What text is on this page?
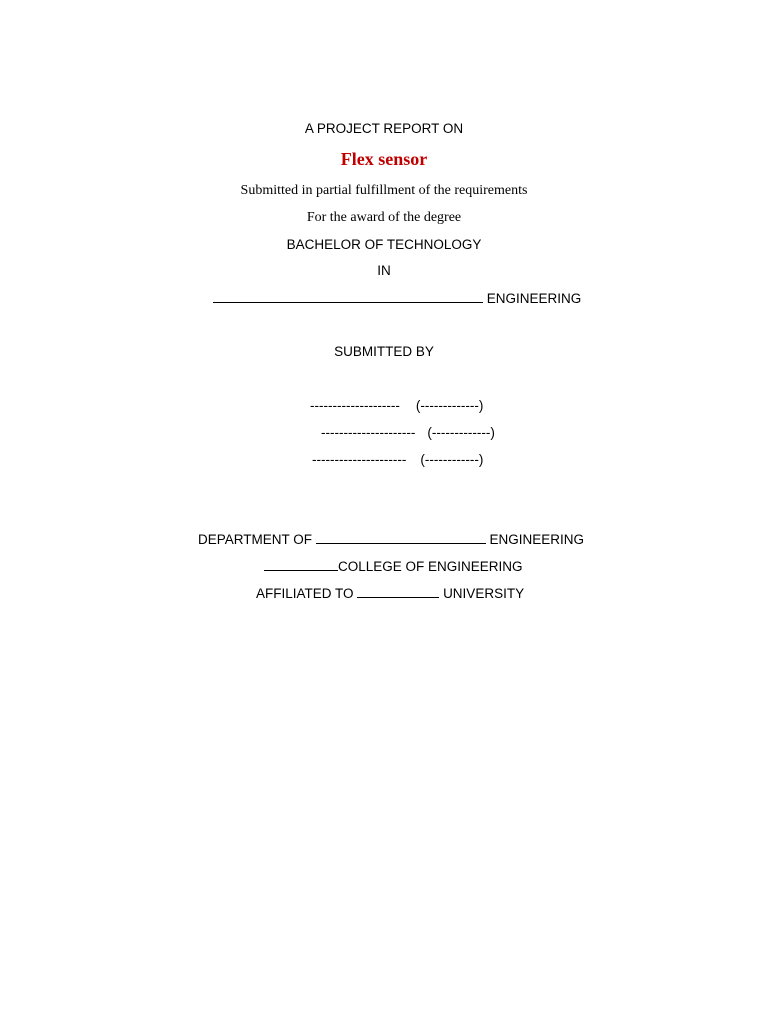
A PROJECT REPORT ON
Flex sensor
Submitted in partial fulfillment of the requirements
For the award of the degree
BACHELOR OF TECHNOLOGY
IN
ENGINEERING
SUBMITTED BY
-------------------- (-------------)
--------------------- (-------------)
--------------------- (------------)
DEPARTMENT OF	ENGINEERING
COLLEGE OF ENGINEERING
AFFILIATED TO	UNIVERSITY
